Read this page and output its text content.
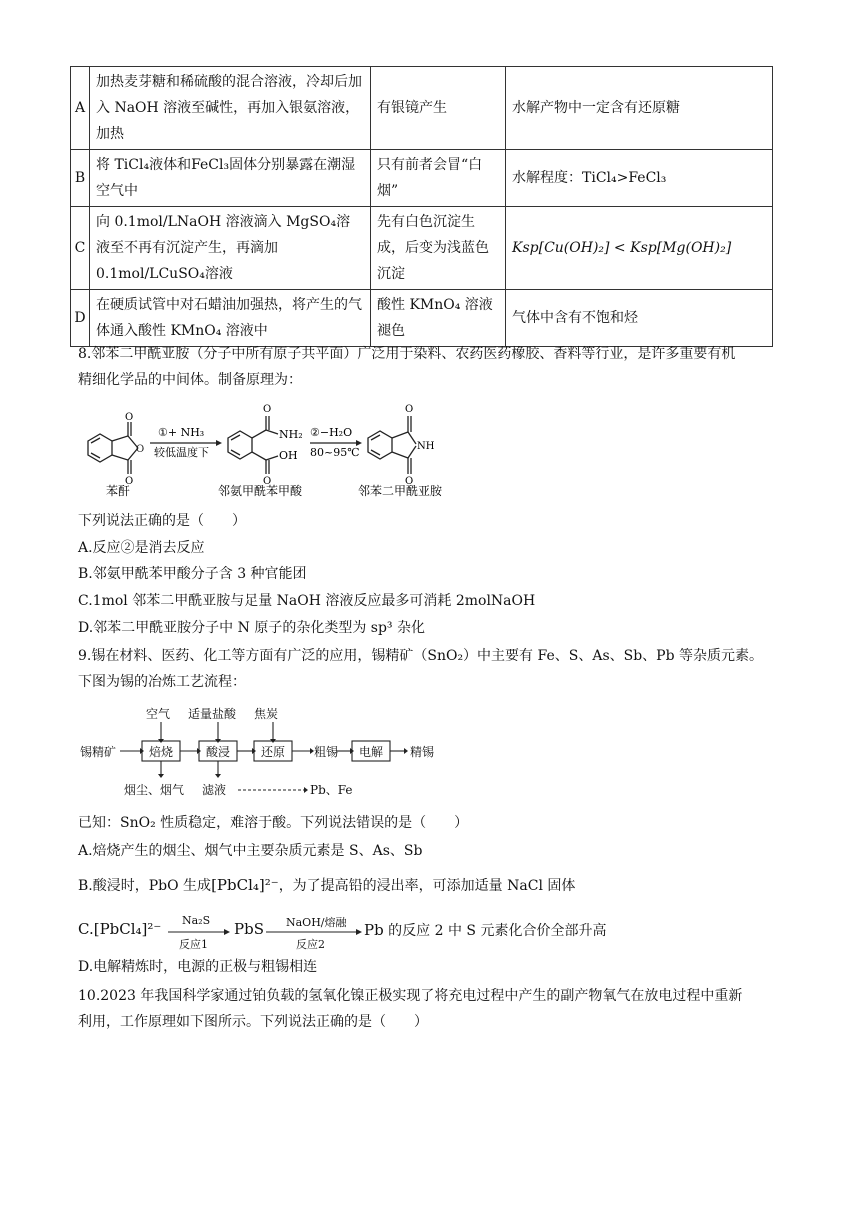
A	加热麦芽糖和稀硫酸的混合溶液，冷却后加入 NaOH 溶液至碱性，再加入银氨溶液，加热	有银镜产生	水解产物中一定含有还原糖
B	将 TiCl₄液体和FeCl₃固体分别暴露在潮湿空气中	只有前者会冒“白烟”	水解程度：TiCl₄>FeCl₃
C	向 0.1mol/LNaOH 溶液滴入 MgSO₄溶液至不再有沉淀产生，再滴加 0.1mol/LCuSO₄溶液	先有白色沉淀生成，后变为浅蓝色沉淀	Ksp[Cu(OH)₂] < Ksp[Mg(OH)₂]
D	在硬质试管中对石蜡油加强热，将产生的气体通入酸性 KMnO₄ 溶液中	酸性 KMnO₄ 溶液褪色	气体中含有不饱和烃
8.邻苯二甲酰亚胺（分子中所有原子共平面）广泛用于染料、农药医药橡胶、香料等行业，是许多重要有机
精细化学品的中间体。制备原理为：
O
O
O
①+ NH₃
较低温度下
O
NH₂
OH
O
②−H₂O
80~95℃
O
NH
O
苯酐	邻氨甲酰苯甲酸	邻苯二甲酰亚胺
下列说法正确的是（　　）
A.反应②是消去反应
B.邻氨甲酰苯甲酸分子含 3 种官能团
C.1mol 邻苯二甲酰亚胺与足量 NaOH 溶液反应最多可消耗 2molNaOH
D.邻苯二甲酰亚胺分子中 N 原子的杂化类型为 sp³ 杂化
9.锡在材料、医药、化工等方面有广泛的应用，锡精矿（SnO₂）中主要有 Fe、S、As、Sb、Pb 等杂质元素。
下图为锡的冶炼工艺流程：
锡精矿
空气 适量盐酸 焦炭
焙烧	酸浸	还原 粗锡 电解 精锡
烟尘、烟气 滤液	Pb、Fe
已知：SnO₂ 性质稳定，难溶于酸。下列说法错误的是（　　）
A.焙烧产生的烟尘、烟气中主要杂质元素是 S、As、Sb
B.酸浸时，PbO 生成[PbCl₄]²⁻，为了提高铅的浸出率，可添加适量 NaCl 固体
C.[PbCl₄]²⁻ Na₂S
反应1
PbS NaOH/熔融
反应2
Pb 的反应 2 中 S 元素化合价全部升高
D.电解精炼时，电源的正极与粗锡相连
10.2023 年我国科学家通过铂负载的氢氧化镍正极实现了将充电过程中产生的副产物氧气在放电过程中重新
利用，工作原理如下图所示。下列说法正确的是（　　）
